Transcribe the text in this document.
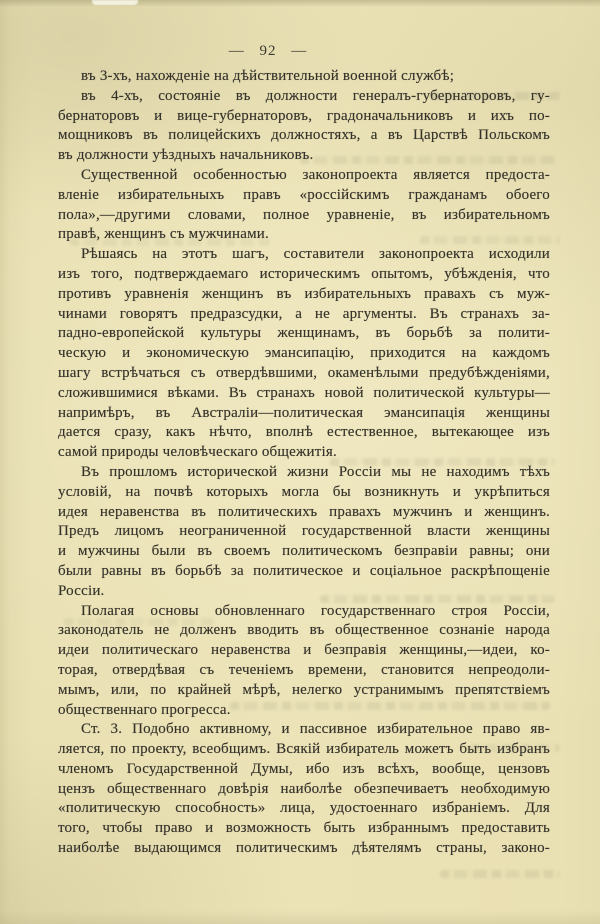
— 92 —
въ 3-хъ, нахожденіе на дѣйствительной военной службѣ;
въ 4-хъ, состояніе въ должности генералъ-губернаторовъ, гу-
бернаторовъ и вице-губернаторовъ, градоначальниковъ и ихъ по-
мощниковъ въ полицейскихъ должностяхъ, а въ Царствѣ Польскомъ
въ должности уѣздныхъ начальниковъ.
Существенной особенностью законопроекта является предоста-
вленіе избирательныхъ правъ «россійскимъ гражданамъ обоего
пола»,—другими словами, полное уравненіе, въ избирательномъ
правѣ, женщинъ съ мужчинами.
Рѣшаясь на этотъ шагъ, составители законопроекта исходили
изъ того, подтверждаемаго историческимъ опытомъ, убѣжденія, что
противъ уравненія женщинъ въ избирательныхъ правахъ съ муж-
чинами говорятъ предразсудки, а не аргументы. Въ странахъ за-
падно-европейской культуры женщинамъ, въ борьбѣ за полити-
ческую и экономическую эмансипацію, приходится на каждомъ
шагу встрѣчаться съ отвердѣвшими, окаменѣлыми предубѣжденіями,
сложившимися вѣками. Въ странахъ новой политической культуры—
напримѣръ, въ Австраліи—политическая эмансипація женщины
дается сразу, какъ нѣчто, вполнѣ естественное, вытекающее изъ
самой природы человѣческаго общежитія.
Въ прошломъ исторической жизни Россіи мы не находимъ тѣхъ
условій, на почвѣ которыхъ могла бы возникнуть и укрѣпиться
идея неравенства въ политическихъ правахъ мужчинъ и женщинъ.
Предъ лицомъ неограниченной государственной власти женщины
и мужчины были въ своемъ политическомъ безправіи равны; они
были равны въ борьбѣ за политическое и соціальное раскрѣпощеніе
Россіи.
Полагая основы обновленнаго государственнаго строя Россіи,
законодатель не долженъ вводить въ общественное сознаніе народа
идеи политическаго неравенства и безправія женщины,—идеи, ко-
торая, отвердѣвая съ теченіемъ времени, становится непреодоли-
мымъ, или, по крайней мѣрѣ, нелегко устранимымъ препятствіемъ
общественнаго прогресса.
Ст. 3. Подобно активному, и пассивное избирательное право яв-
ляется, по проекту, всеобщимъ. Всякій избиратель можетъ быть избранъ
членомъ Государственной Думы, ибо изъ всѣхъ, вообще, цензовъ
цензъ общественнаго довѣрія наиболѣе обезпечиваетъ необходимую
«политическую способность» лица, удостоеннаго избраніемъ. Для
того, чтобы право и возможность быть избраннымъ предоставить
наиболѣе выдающимся политическимъ дѣятелямъ страны, законо-
